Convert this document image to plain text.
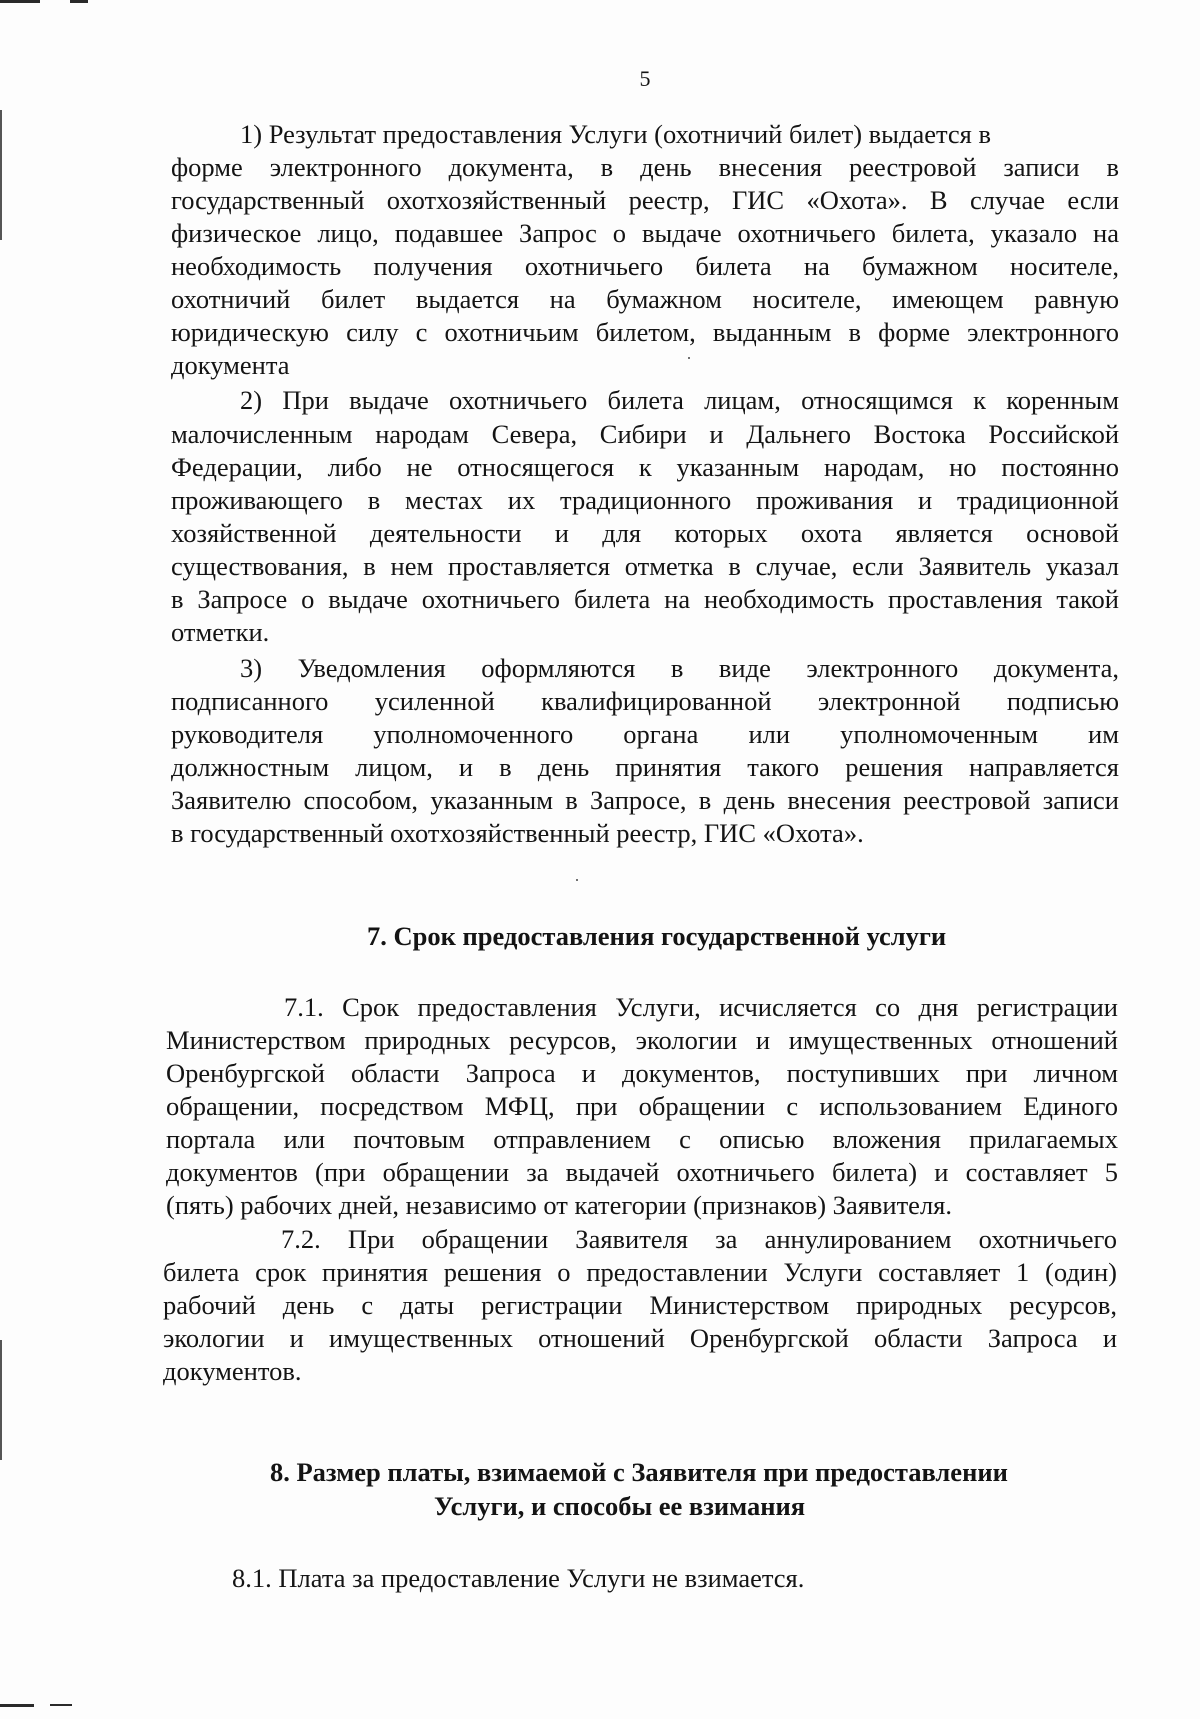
5
1) Результат предоставления Услуги (охотничий билет) выдается в
форме электронного документа, в день внесения реестровой записи в
государственный охотхозяйственный реестр, ГИС «Охота». В случае если
физическое лицо, подавшее Запрос о выдаче охотничьего билета, указало на
необходимость получения охотничьего билета на бумажном носителе,
охотничий билет выдается на бумажном носителе, имеющем равную
юридическую силу с охотничьим билетом, выданным в форме электронного
документа
2) При выдаче охотничьего билета лицам, относящимся к коренным
малочисленным народам Севера, Сибири и Дальнего Востока Российской
Федерации, либо не относящегося к указанным народам, но постоянно
проживающего в местах их традиционного проживания и традиционной
хозяйственной деятельности и для которых охота является основой
существования, в нем проставляется отметка в случае, если Заявитель указал
в Запросе о выдаче охотничьего билета на необходимость проставления такой
отметки.
3) Уведомления оформляются в виде электронного документа,
подписанного усиленной квалифицированной электронной подписью
руководителя уполномоченного органа или уполномоченным им
должностным лицом, и в день принятия такого решения направляется
Заявителю способом, указанным в Запросе, в день внесения реестровой записи
в государственный охотхозяйственный реестр, ГИС «Охота».
7. Срок предоставления государственной услуги
7.1. Срок предоставления Услуги, исчисляется со дня регистрации
Министерством природных ресурсов, экологии и имущественных отношений
Оренбургской области Запроса и документов, поступивших при личном
обращении, посредством МФЦ, при обращении с использованием Единого
портала или почтовым отправлением с описью вложения прилагаемых
документов (при обращении за выдачей охотничьего билета) и составляет 5
(пять) рабочих дней, независимо от категории (признаков) Заявителя.
7.2. При обращении Заявителя за аннулированием охотничьего
билета срок принятия решения о предоставлении Услуги составляет 1 (один)
рабочий день с даты регистрации Министерством природных ресурсов,
экологии и имущественных отношений Оренбургской области Запроса и
документов.
8. Размер платы, взимаемой с Заявителя при предоставлении
Услуги, и способы ее взимания
8.1. Плата за предоставление Услуги не взимается.
